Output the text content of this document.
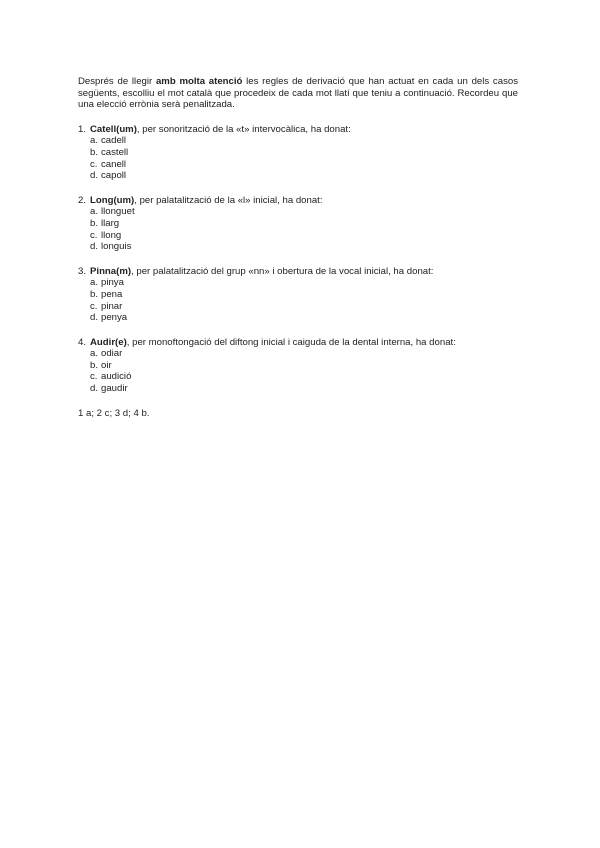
Després de llegir amb molta atenció les regles de derivació que han actuat en cada un dels casos següents, escolliu el mot català que procedeix de cada mot llatí que teniu a continuació. Recordeu que una elecció errònia serà penalitzada.

1. Catell(um), per sonorització de la «t» intervocàlica, ha donat:
a. cadell
b. castell
c. canell
d. capoll
2. Long(um), per palatalització de la «l» inicial, ha donat:
a. llonguet
b. llarg
c. llong
d. longuis
3. Pinna(m), per palatalització del grup «nn» i obertura de la vocal inicial, ha donat:
a. pinya
b. pena
c. pinar
d. penya
4. Audir(e), per monoftongació del diftong inicial i caiguda de la dental interna, ha donat:
a. odiar
b. oir
c. audició
d. gaudir
1 a; 2 c; 3 d; 4 b.
